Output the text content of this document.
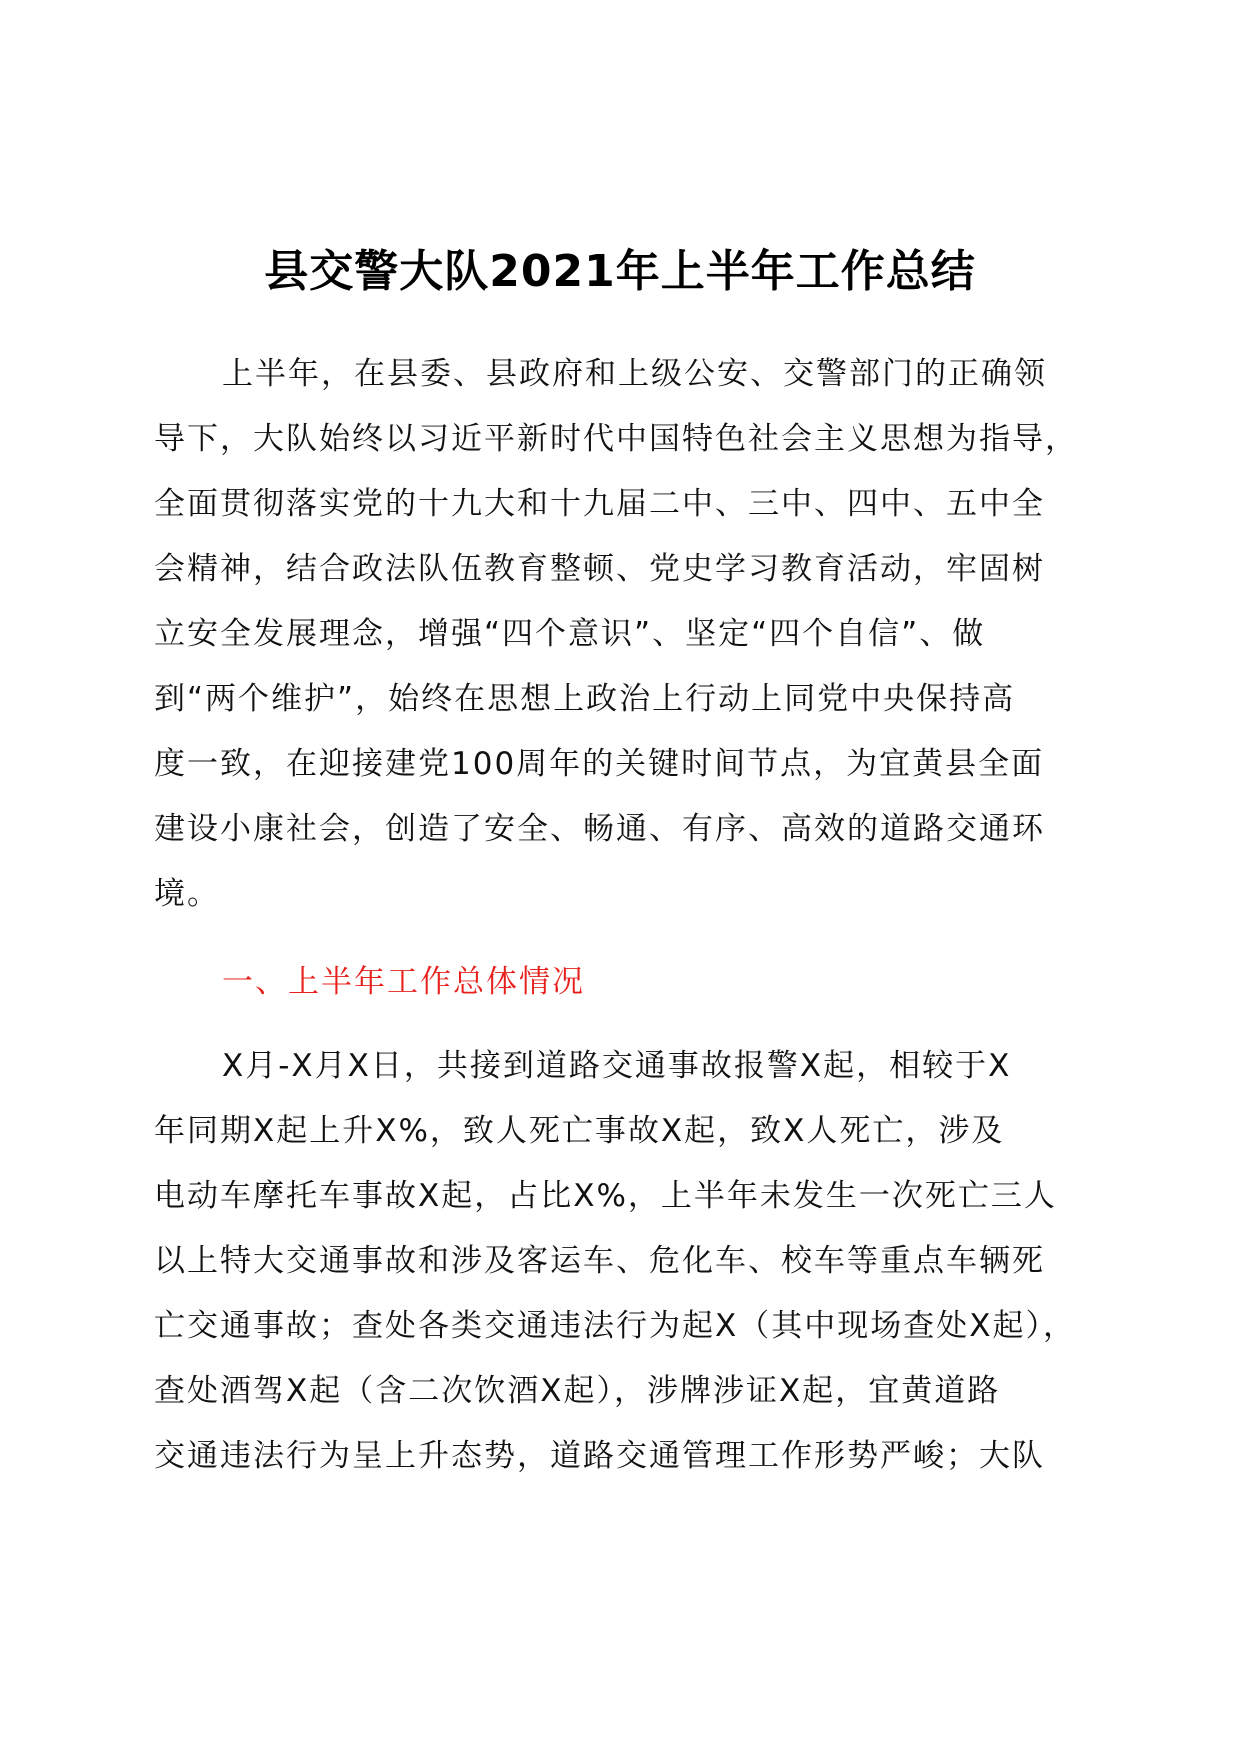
县交警大队2021年上半年工作总结
上半年，在县委、县政府和上级公安、交警部门的正确领
导下，大队始终以习近平新时代中国特色社会主义思想为指导，
全面贯彻落实党的十九大和十九届二中、三中、四中、五中全
会精神，结合政法队伍教育整顿、党史学习教育活动，牢固树
立安全发展理念，增强“四个意识”、坚定“四个自信”、做
到“两个维护”，始终在思想上政治上行动上同党中央保持高
度一致，在迎接建党100周年的关键时间节点，为宜黄县全面
建设小康社会，创造了安全、畅通、有序、高效的道路交通环
境。
一、上半年工作总体情况
X月-X月X日，共接到道路交通事故报警X起，相较于X
年同期X起上升X%，致人死亡事故X起，致X人死亡，涉及
电动车摩托车事故X起，占比X%，上半年未发生一次死亡三人
以上特大交通事故和涉及客运车、危化车、校车等重点车辆死
亡交通事故；查处各类交通违法行为起X（其中现场查处X起），
查处酒驾X起（含二次饮酒X起），涉牌涉证X起，宜黄道路
交通违法行为呈上升态势，道路交通管理工作形势严峻；大队
